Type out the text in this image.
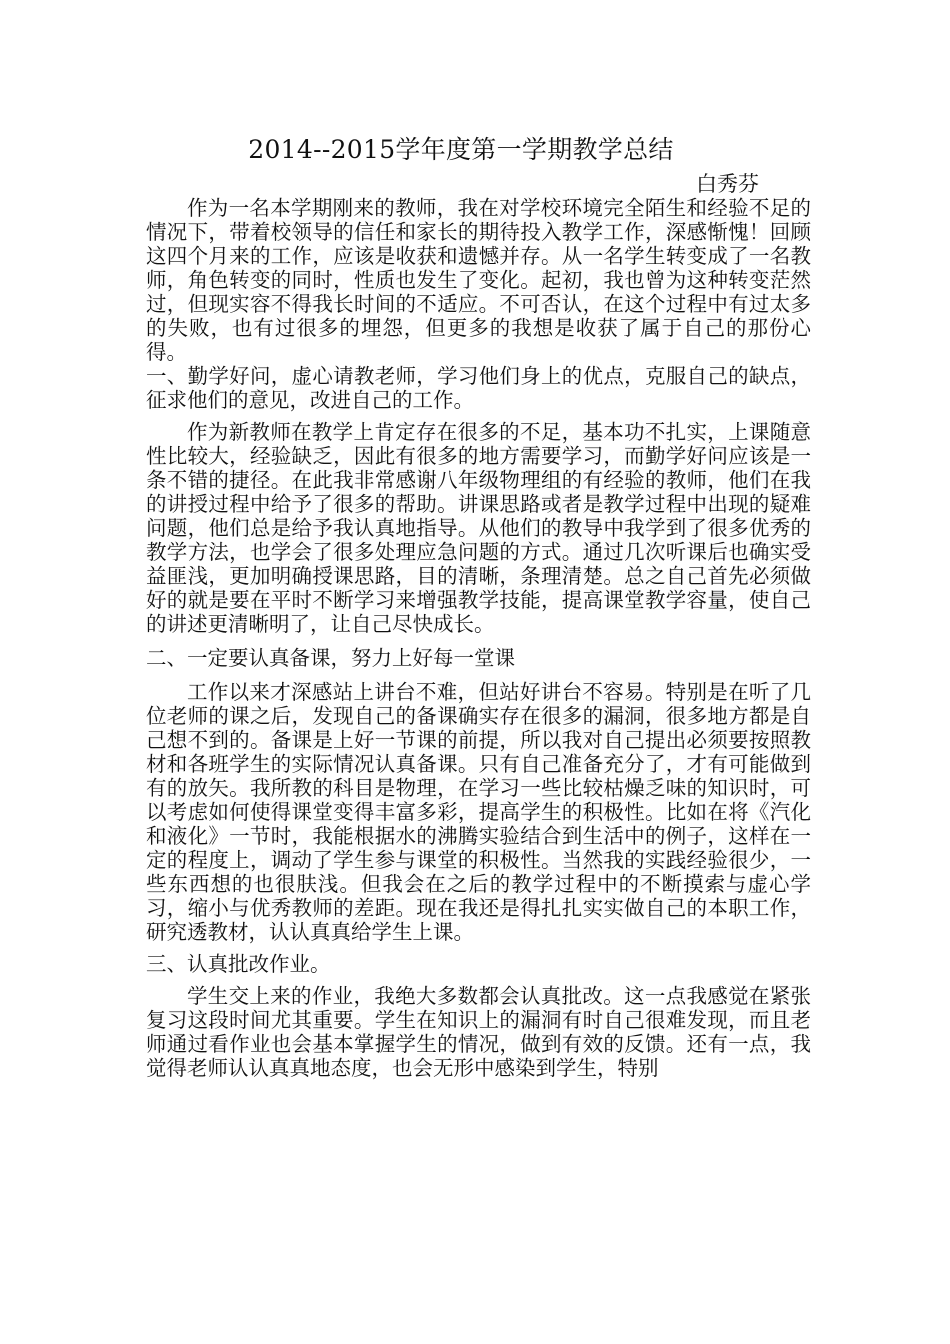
2014--2015学年度第一学期教学总结
白秀芬

作为一名本学期刚来的教师，我在对学校环境完全陌生和经验不足的情况下，带着校领导的信任和家长的期待投入教学工作，深感惭愧！回顾这四个月来的工作，应该是收获和遗憾并存。从一名学生转变成了一名教师，角色转变的同时，性质也发生了变化。起初，我也曾为这种转变茫然过，但现实容不得我长时间的不适应。不可否认，在这个过程中有过太多的失败，也有过很多的埋怨，但更多的我想是收获了属于自己的那份心得。

一、勤学好问，虚心请教老师，学习他们身上的优点，克服自己的缺点，征求他们的意见，改进自己的工作。

作为新教师在教学上肯定存在很多的不足，基本功不扎实，上课随意性比较大，经验缺乏，因此有很多的地方需要学习，而勤学好问应该是一条不错的捷径。在此我非常感谢八年级物理组的有经验的教师，他们在我的讲授过程中给予了很多的帮助。讲课思路或者是教学过程中出现的疑难问题，他们总是给予我认真地指导。从他们的教导中我学到了很多优秀的教学方法，也学会了很多处理应急问题的方式。通过几次听课后也确实受益匪浅，更加明确授课思路，目的清晰，条理清楚。总之自己首先必须做好的就是要在平时不断学习来增强教学技能，提高课堂教学容量，使自己的讲述更清晰明了，让自己尽快成长。

二、一定要认真备课，努力上好每一堂课

工作以来才深感站上讲台不难，但站好讲台不容易。特别是在听了几位老师的课之后，发现自己的备课确实存在很多的漏洞，很多地方都是自己想不到的。备课是上好一节课的前提，所以我对自己提出必须要按照教材和各班学生的实际情况认真备课。只有自己准备充分了，才有可能做到有的放矢。我所教的科目是物理，在学习一些比较枯燥乏味的知识时，可以考虑如何使得课堂变得丰富多彩，提高学生的积极性。比如在将《汽化和液化》一节时，我能根据水的沸腾实验结合到生活中的例子，这样在一定的程度上，调动了学生参与课堂的积极性。当然我的实践经验很少，一些东西想的也很肤浅。但我会在之后的教学过程中的不断摸索与虚心学习，缩小与优秀教师的差距。现在我还是得扎扎实实做自己的本职工作，研究透教材，认认真真给学生上课。

三、认真批改作业。

学生交上来的作业，我绝大多数都会认真批改。这一点我感觉在紧张复习这段时间尤其重要。学生在知识上的漏洞有时自己很难发现，而且老师通过看作业也会基本掌握学生的情况，做到有效的反馈。还有一点，我觉得老师认认真真地态度，也会无形中感染到学生，特别
